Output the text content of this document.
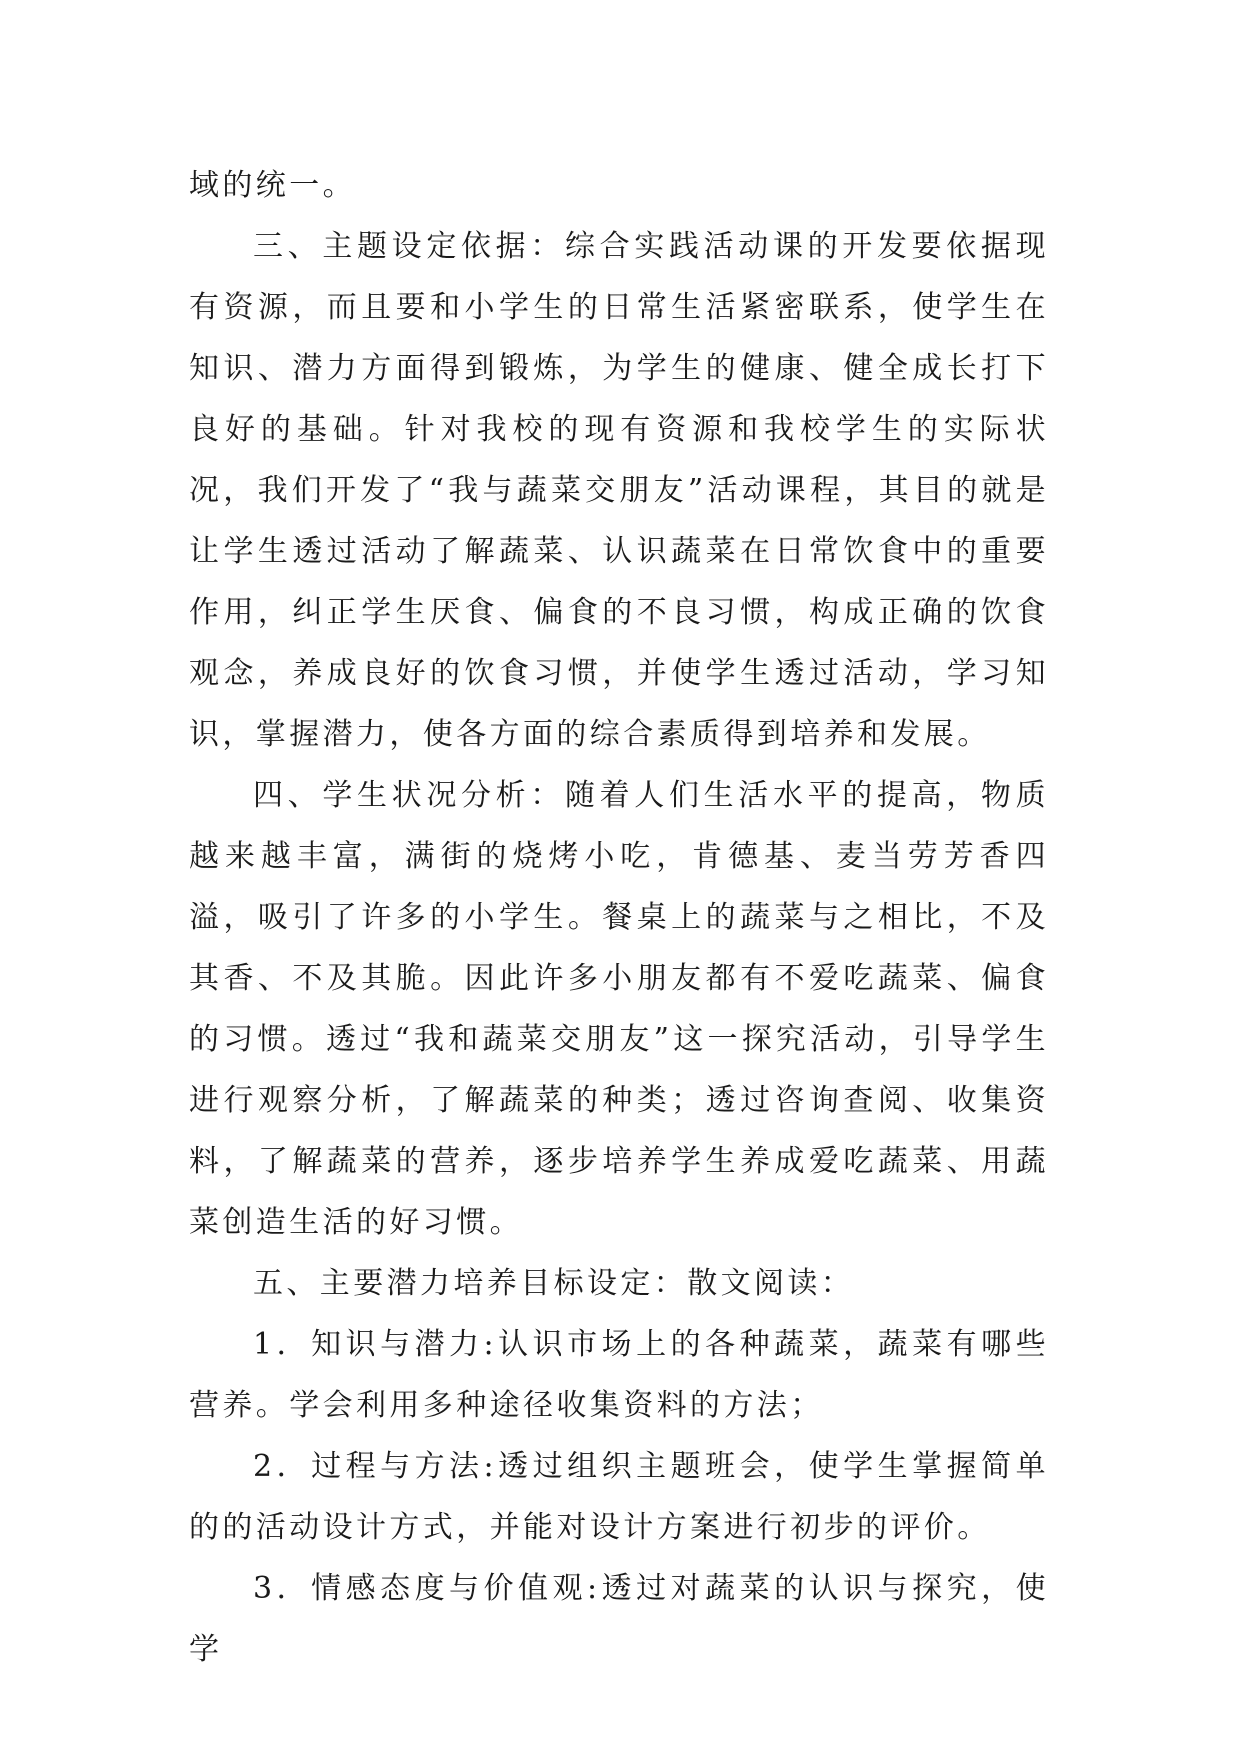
域的统一。

三、主题设定依据：综合实践活动课的开发要依据现有资源，而且要和小学生的日常生活紧密联系，使学生在知识、潜力方面得到锻炼，为学生的健康、健全成长打下良好的基础。针对我校的现有资源和我校学生的实际状况，我们开发了“我与蔬菜交朋友”活动课程，其目的就是让学生透过活动了解蔬菜、认识蔬菜在日常饮食中的重要作用，纠正学生厌食、偏食的不良习惯，构成正确的饮食观念，养成良好的饮食习惯，并使学生透过活动，学习知识，掌握潜力，使各方面的综合素质得到培养和发展。

四、学生状况分析：随着人们生活水平的提高，物质越来越丰富，满街的烧烤小吃，肯德基、麦当劳芳香四溢，吸引了许多的小学生。餐桌上的蔬菜与之相比，不及其香、不及其脆。因此许多小朋友都有不爱吃蔬菜、偏食的习惯。透过“我和蔬菜交朋友”这一探究活动，引导学生进行观察分析，了解蔬菜的种类；透过咨询查阅、收集资料，了解蔬菜的营养，逐步培养学生养成爱吃蔬菜、用蔬菜创造生活的好习惯。

五、主要潜力培养目标设定：散文阅读：

1．知识与潜力:认识市场上的各种蔬菜，蔬菜有哪些营养。学会利用多种途径收集资料的方法；

2．过程与方法:透过组织主题班会，使学生掌握简单的的活动设计方式，并能对设计方案进行初步的评价。

3．情感态度与价值观:透过对蔬菜的认识与探究，使学
